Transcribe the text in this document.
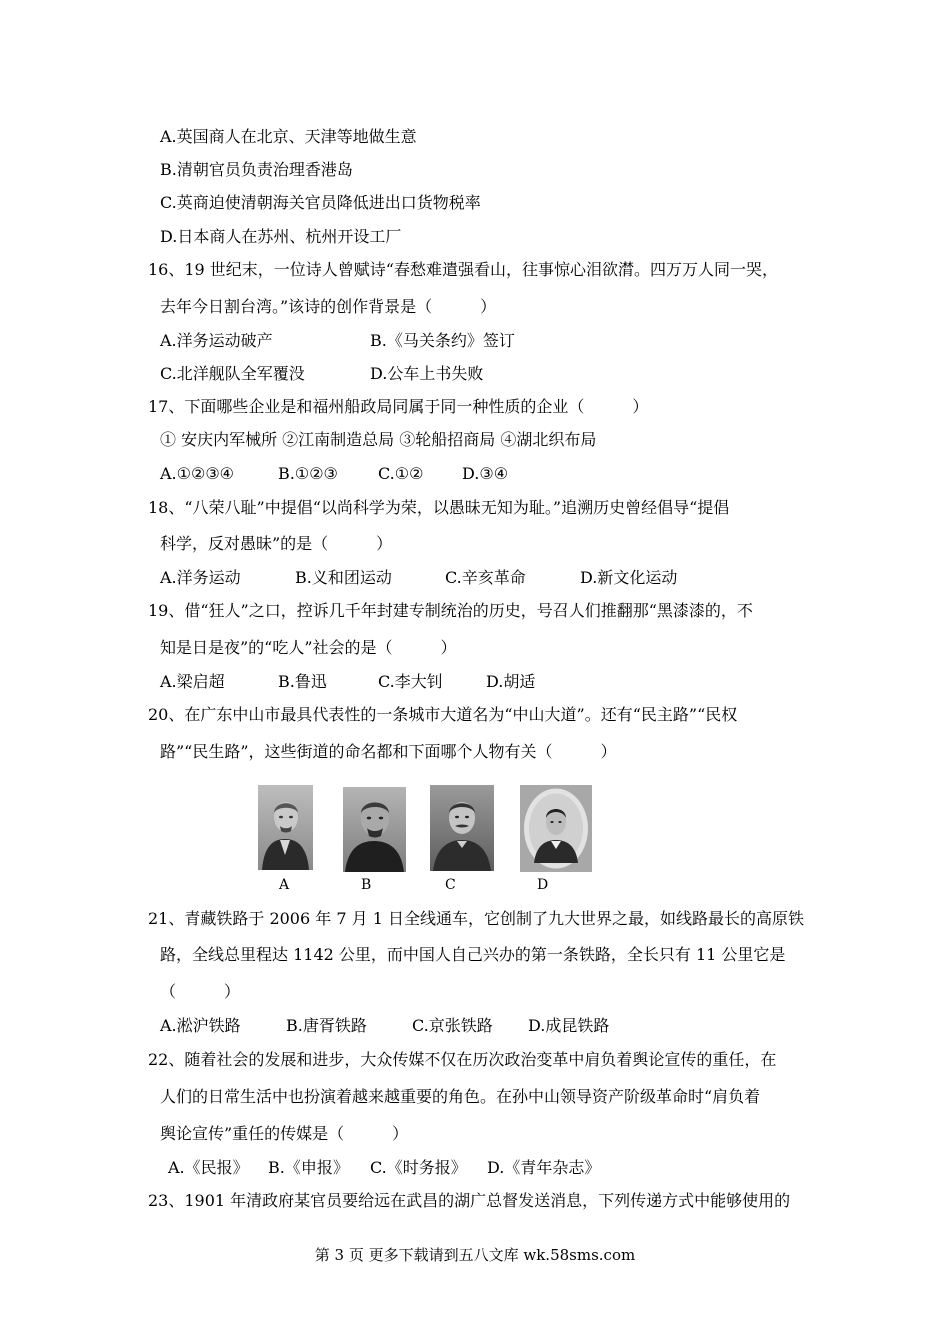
A.英国商人在北京、天津等地做生意
B.清朝官员负责治理香港岛
C.英商迫使清朝海关官员降低进出口货物税率
D.日本商人在苏州、杭州开设工厂
16、19 世纪末，一位诗人曾赋诗“春愁难遣强看山，往事惊心泪欲潸。四万万人同一哭，
去年今日割台湾。”该诗的创作背景是（　　　）
A.洋务运动破产	B.《马关条约》签订
C.北洋舰队全军覆没	D.公车上书失败
17、下面哪些企业是和福州船政局同属于同一种性质的企业（　　　）
① 安庆内军械所 ②江南制造总局 ③轮船招商局 ④湖北织布局
A.①②③④	B.①②③	C.①② D.③④
18、“八荣八耻”中提倡“以尚科学为荣，以愚昧无知为耻。”追溯历史曾经倡导“提倡
科学，反对愚昧”的是（　　　）
A.洋务运动	B.义和团运动	C.辛亥革命	D.新文化运动
19、借“狂人”之口，控诉几千年封建专制统治的历史，号召人们推翻那“黑漆漆的，不
知是日是夜”的“吃人”社会的是（　　　）
A.梁启超	B.鲁迅	C.李大钊	D.胡适
20、在广东中山市最具代表性的一条城市大道名为“中山大道”。还有“民主路”“民权
路”“民生路”，这些街道的命名都和下面哪个人物有关（　　　）
A	B	C	D
21、青藏铁路于 2006 年 7 月 1 日全线通车，它创制了九大世界之最，如线路最长的高原铁
路，全线总里程达 1142 公里，而中国人自己兴办的第一条铁路，全长只有 11 公里它是
（　　　）
A.淞沪铁路	B.唐胥铁路	C.京张铁路 D.成昆铁路
22、随着社会的发展和进步，大众传媒不仅在历次政治变革中肩负着舆论宣传的重任，在
人们的日常生活中也扮演着越来越重要的角色。在孙中山领导资产阶级革命时“肩负着
舆论宣传”重任的传媒是（　　　）
A.《民报》 B.《申报》 C.《时务报》 D.《青年杂志》
23、1901 年清政府某官员要给远在武昌的湖广总督发送消息，下列传递方式中能够使用的
第 3 页 更多下载请到五八文库 wk.58sms.com
